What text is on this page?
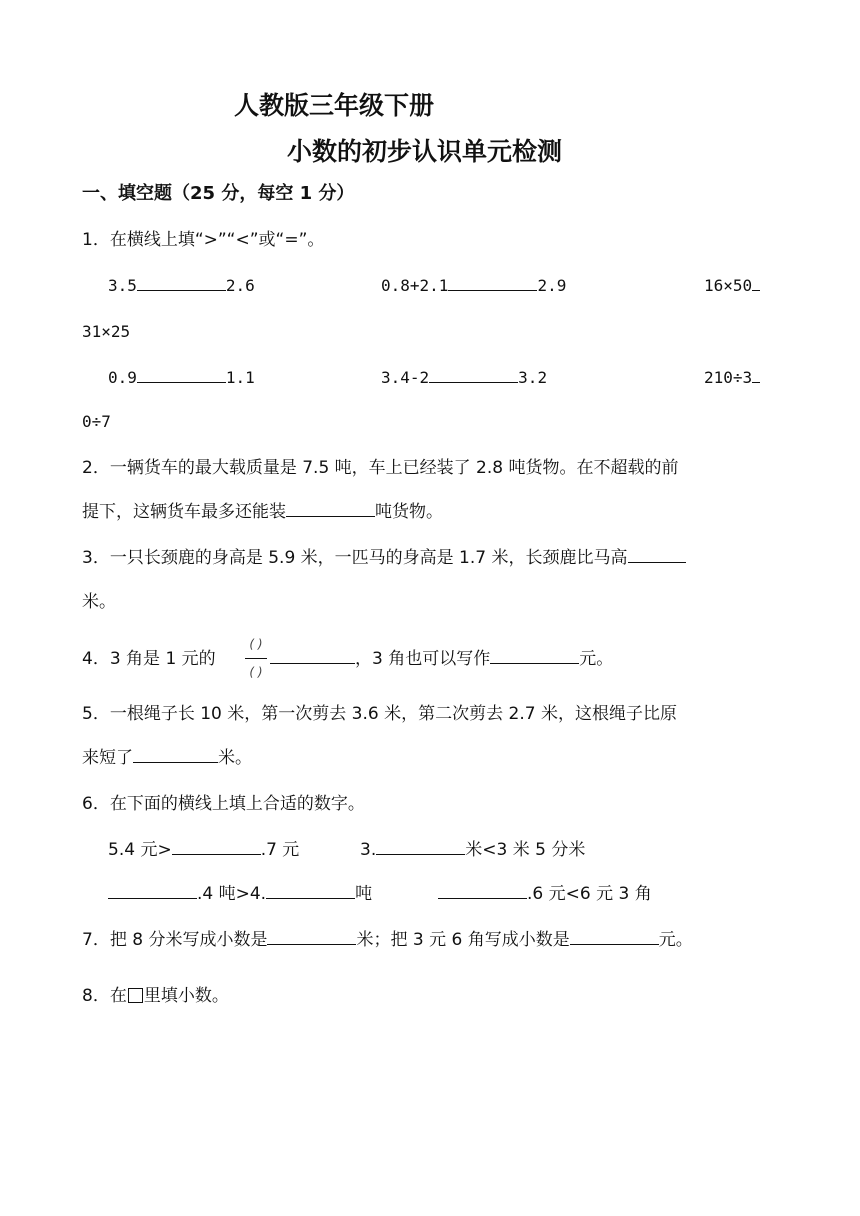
人教版三年级下册
小数的初步认识单元检测
一、填空题（25 分，每空 1 分）
1．在横线上填“>”“<”或“=”。
3.5	2.6	0.8+2.1	2.9	16×50
31×25
0.9	1.1	3.4-2	3.2	210÷3
0÷7
2．一辆货车的最大载质量是 7.5 吨，车上已经装了 2.8 吨货物。在不超载的前
提下，这辆货车最多还能装	吨货物。
3．一只长颈鹿的身高是 5.9 米，一匹马的身高是 1.7 米，长颈鹿比马高
米。
4．3 角是 1 元的
( )
( )
，3 角也可以写作	元。
5．一根绳子长 10 米，第一次剪去 3.6 米，第二次剪去 2.7 米，这根绳子比原
来短了	米。
6．在下面的横线上填上合适的数字。
5.4 元>	.7 元	3.	米<3 米 5 分米
.4 吨>4.	吨	.6 元<6 元 3 角
7．把 8 分米写成小数是	米；把 3 元 6 角写成小数是	元。
8．在 里填小数。
